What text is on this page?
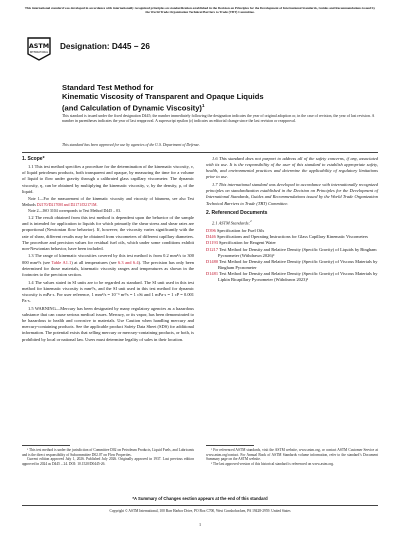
This international standard was developed in accordance with internationally recognized principles on standardization established in the Decision on Principles for the Development of International Standards, Guides and Recommendations issued by the World Trade Organization Technical Barriers to Trade (TBT) Committee.
ASTM
INTERNATIONAL
Designation: D445 − 26
Standard Test Method for
Kinematic Viscosity of Transparent and Opaque Liquids
(and Calculation of Dynamic Viscosity)$^1$
This standard is issued under the fixed designation D445; the number immediately following the designation indicates the year of original adoption or, in the case of revision, the year of last revision. A number in parentheses indicates the year of last reapproval. A superscript epsilon (ε) indicates an editorial change since the last revision or reapproval.
This standard has been approved for use by agencies of the U.S. Department of Defense.
1. Scope*

1.1 This test method specifies a procedure for the determination of the kinematic viscosity, ν, of liquid petroleum products, both transparent and opaque, by measuring the time for a volume of liquid to flow under gravity through a calibrated glass capillary viscometer. The dynamic viscosity, η, can be obtained by multiplying the kinematic viscosity, ν, by the density, ρ, of the liquid.

Note 1—For the measurement of the kinematic viscosity and viscosity of bitumens, see also Test Methods D2170/D2170M and D2171/D2171M.

Note 2—ISO 3104 corresponds to Test Method D445 – 03.

1.2 The result obtained from this test method is dependent upon the behavior of the sample and is intended for application to liquids for which primarily the shear stress and shear rates are proportional (Newtonian flow behavior). If, however, the viscosity varies significantly with the rate of shear, different results may be obtained from viscometers of different capillary diameters. The procedure and precision values for residual fuel oils, which under some conditions exhibit non-Newtonian behavior, have been included.

1.3 The range of kinematic viscosities covered by this test method is from 0.2 mm²/s to 300 000 mm²/s (see Table A1.1) at all temperatures (see 6.3 and 6.4). The precision has only been determined for those materials, kinematic viscosity ranges and temperatures as shown in the footnotes to the precision section.

1.4 The values stated in SI units are to be regarded as standard. The SI unit used in this test method for kinematic viscosity is mm²/s, and the SI unit used in this test method for dynamic viscosity is mPa·s. For user reference, 1 mm²/s = 10⁻⁶ m²/s = 1 cSt and 1 mPa·s = 1 cP = 0.001 Pa·s.

1.5 WARNING—Mercury has been designated by many regulatory agencies as a hazardous substance that can cause serious medical issues. Mercury, or its vapor, has been demonstrated to be hazardous to health and corrosive to materials. Use Caution when handling mercury and mercury-containing products. See the applicable product Safety Data Sheet (SDS) for additional information. The potential exists that selling mercury or mercury-containing products, or both, is prohibited by local or national law. Users must determine legality of sales in their location.

1.6 This standard does not purport to address all of the safety concerns, if any, associated with its use. It is the responsibility of the user of this standard to establish appropriate safety, health, and environmental practices and determine the applicability of regulatory limitations prior to use.

1.7 This international standard was developed in accordance with internationally recognized principles on standardization established in the Decision on Principles for the Development of International Standards, Guides and Recommendations issued by the World Trade Organization Technical Barriers to Trade (TBT) Committee.

2. Referenced Documents

2.1 ASTM Standards:$^2$

D396 Specification for Fuel Oils
D446 Specifications and Operating Instructions for Glass Capillary Kinematic Viscometers
D1193 Specification for Reagent Water
D1217 Test Method for Density and Relative Density (Specific Gravity) of Liquids by Bingham Pycnometer (Withdrawn 2026)³
D1480 Test Method for Density and Relative Density (Specific Gravity) of Viscous Materials by Bingham Pycnometer
D1481 Test Method for Density and Relative Density (Specific Gravity) of Viscous Materials by Lipkin Bicapillary Pycnometer (Withdrawn 2023)³

¹ This test method is under the jurisdiction of Committee D02 on Petroleum Products, Liquid Fuels, and Lubricants and is the direct responsibility of Subcommittee D02.07 on Flow Properties.

Current edition approved July 1, 2026. Published July 2026. Originally approved in 1937. Last previous edition approved in 2024 as D445 – 24. DOI: 10.1520/D0445-26.

² For referenced ASTM standards, visit the ASTM website, www.astm.org, or contact ASTM Customer Service at www.astm.org/contact. For Annual Book of ASTM Standards volume information, refer to the standard’s Document Summary page on the ASTM website.

³ The last approved version of this historical standard is referenced on www.astm.org.

*A Summary of Changes section appears at the end of this standard
Copyright © ASTM International, 100 Barr Harbor Drive, PO Box C700, West Conshohocken, PA 19428-2959. United States
1
